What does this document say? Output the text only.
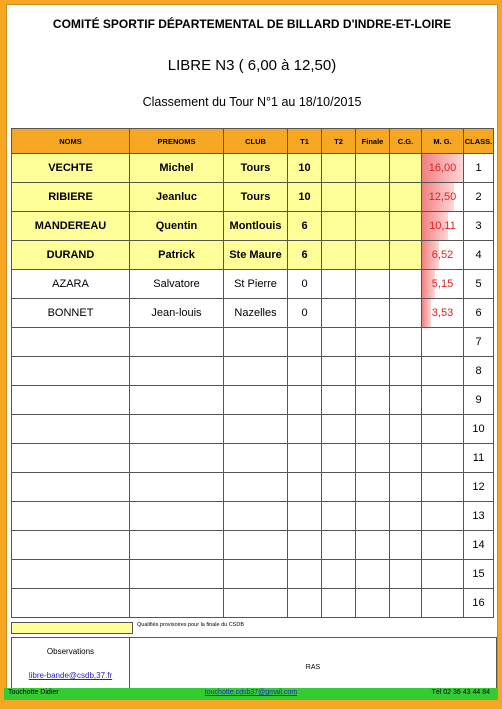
COMITÉ SPORTIF DÉPARTEMENTAL DE BILLARD D'INDRE-ET-LOIRE
LIBRE N3 ( 6,00 à 12,50)
Classement du Tour N°1 au 18/10/2015
NOMS	PRENOMS	CLUB	T1	T2	Finale	C.G.	M. G.	CLASS.
VECHTE	Michel	Tours	10				16,00	1
RIBIERE	Jeanluc	Tours	10				12,50	2
MANDEREAU	Quentin	Montlouis	6				10,11	3
DURAND	Patrick	Ste Maure	6				6,52	4
AZARA	Salvatore	St Pierre	0				5,15	5
BONNET	Jean-louis	Nazelles	0				3,53	6
								7
								8
								9
								10
								11
								12
								13
								14
								15
								16
Qualifiés provisoires pour la finale du CSDB
Observations
libre-bande@csdb,37.fr
RAS
Touchotte Didier	touchotte.cdsb37@gmail.com	Tél 02 36 43 44 84
